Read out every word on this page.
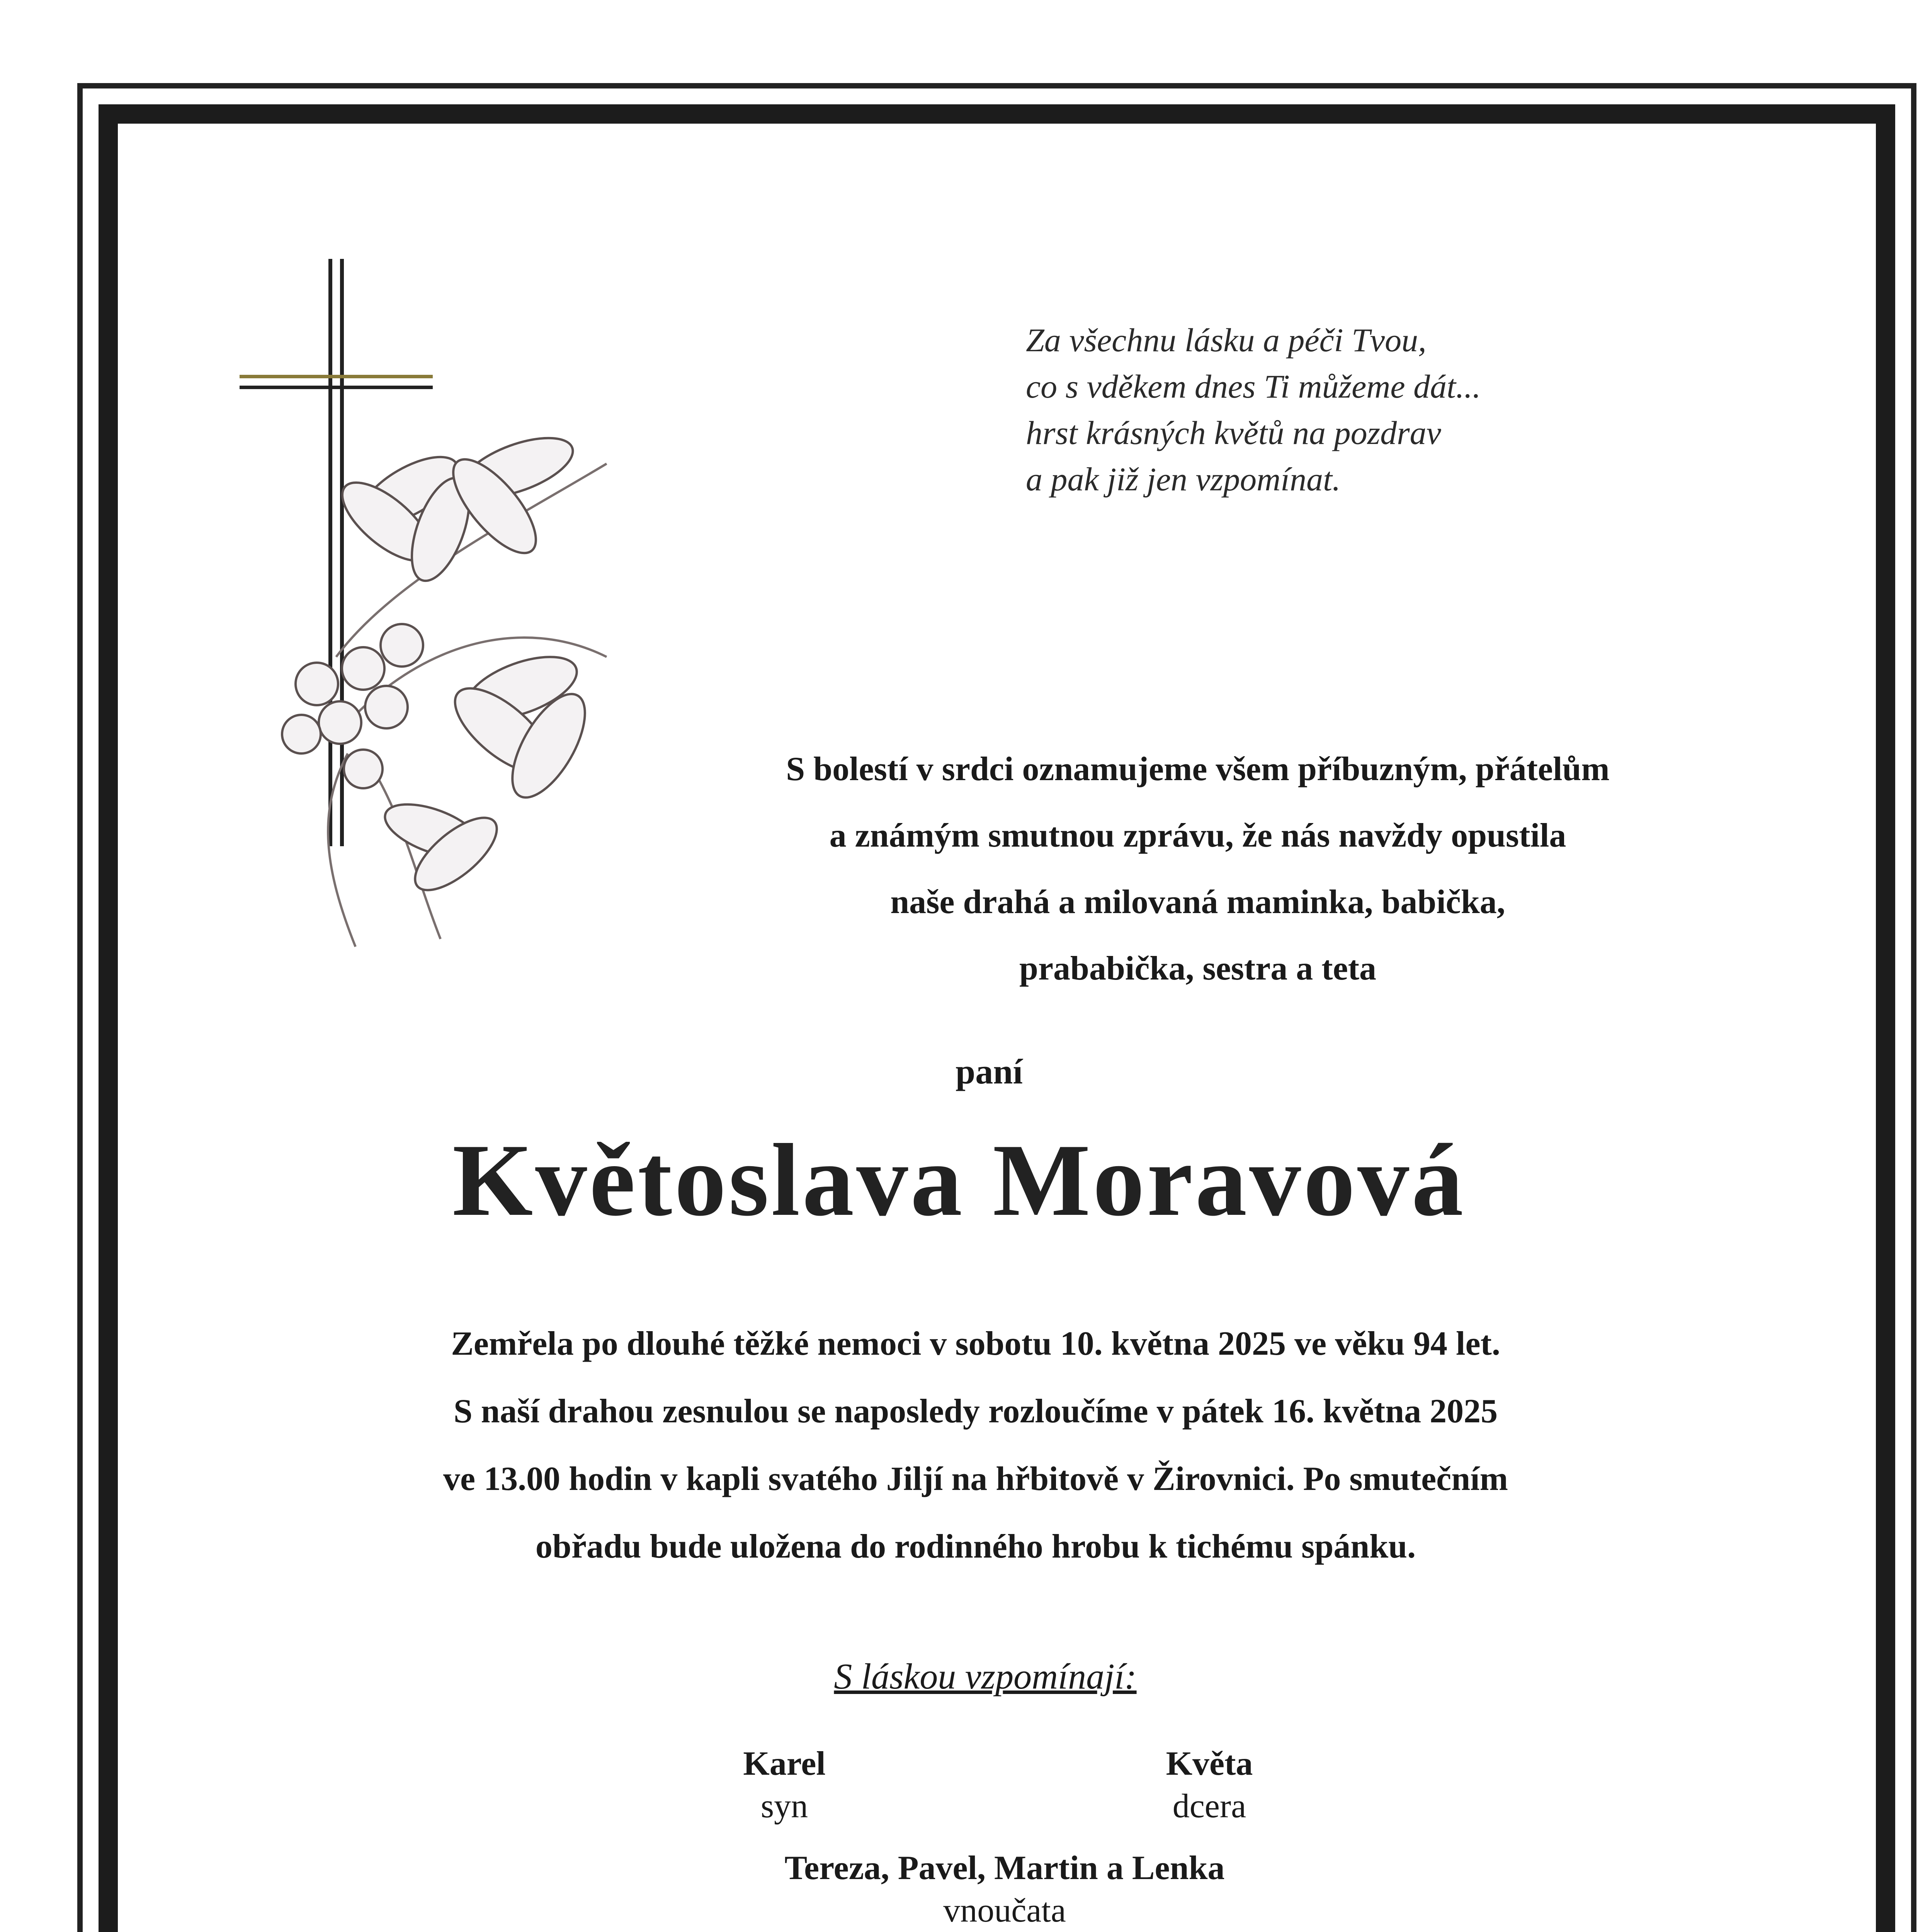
Za všechnu lásku a péči Tvou,
co s vděkem dnes Ti můžeme dát...
hrst krásných květů na pozdrav
a pak již jen vzpomínat.
S bolestí v srdci oznamujeme všem příbuzným, přátelům
a známým smutnou zprávu, že nás navždy opustila
naše drahá a milovaná maminka, babička,
prababička, sestra a teta
paní
Květoslava Moravová
Zemřela po dlouhé těžké nemoci v sobotu 10. května 2025 ve věku 94 let.
S naší drahou zesnulou se naposledy rozloučíme v pátek 16. května 2025
ve 13.00 hodin v kapli svatého Jiljí na hřbitově v Žirovnici. Po smutečním
obřadu bude uložena do rodinného hrobu k tichému spánku.
S láskou vzpomínají:
Karel
syn
Květa
dcera
Tereza, Pavel, Martin a Lenka
vnoučata
